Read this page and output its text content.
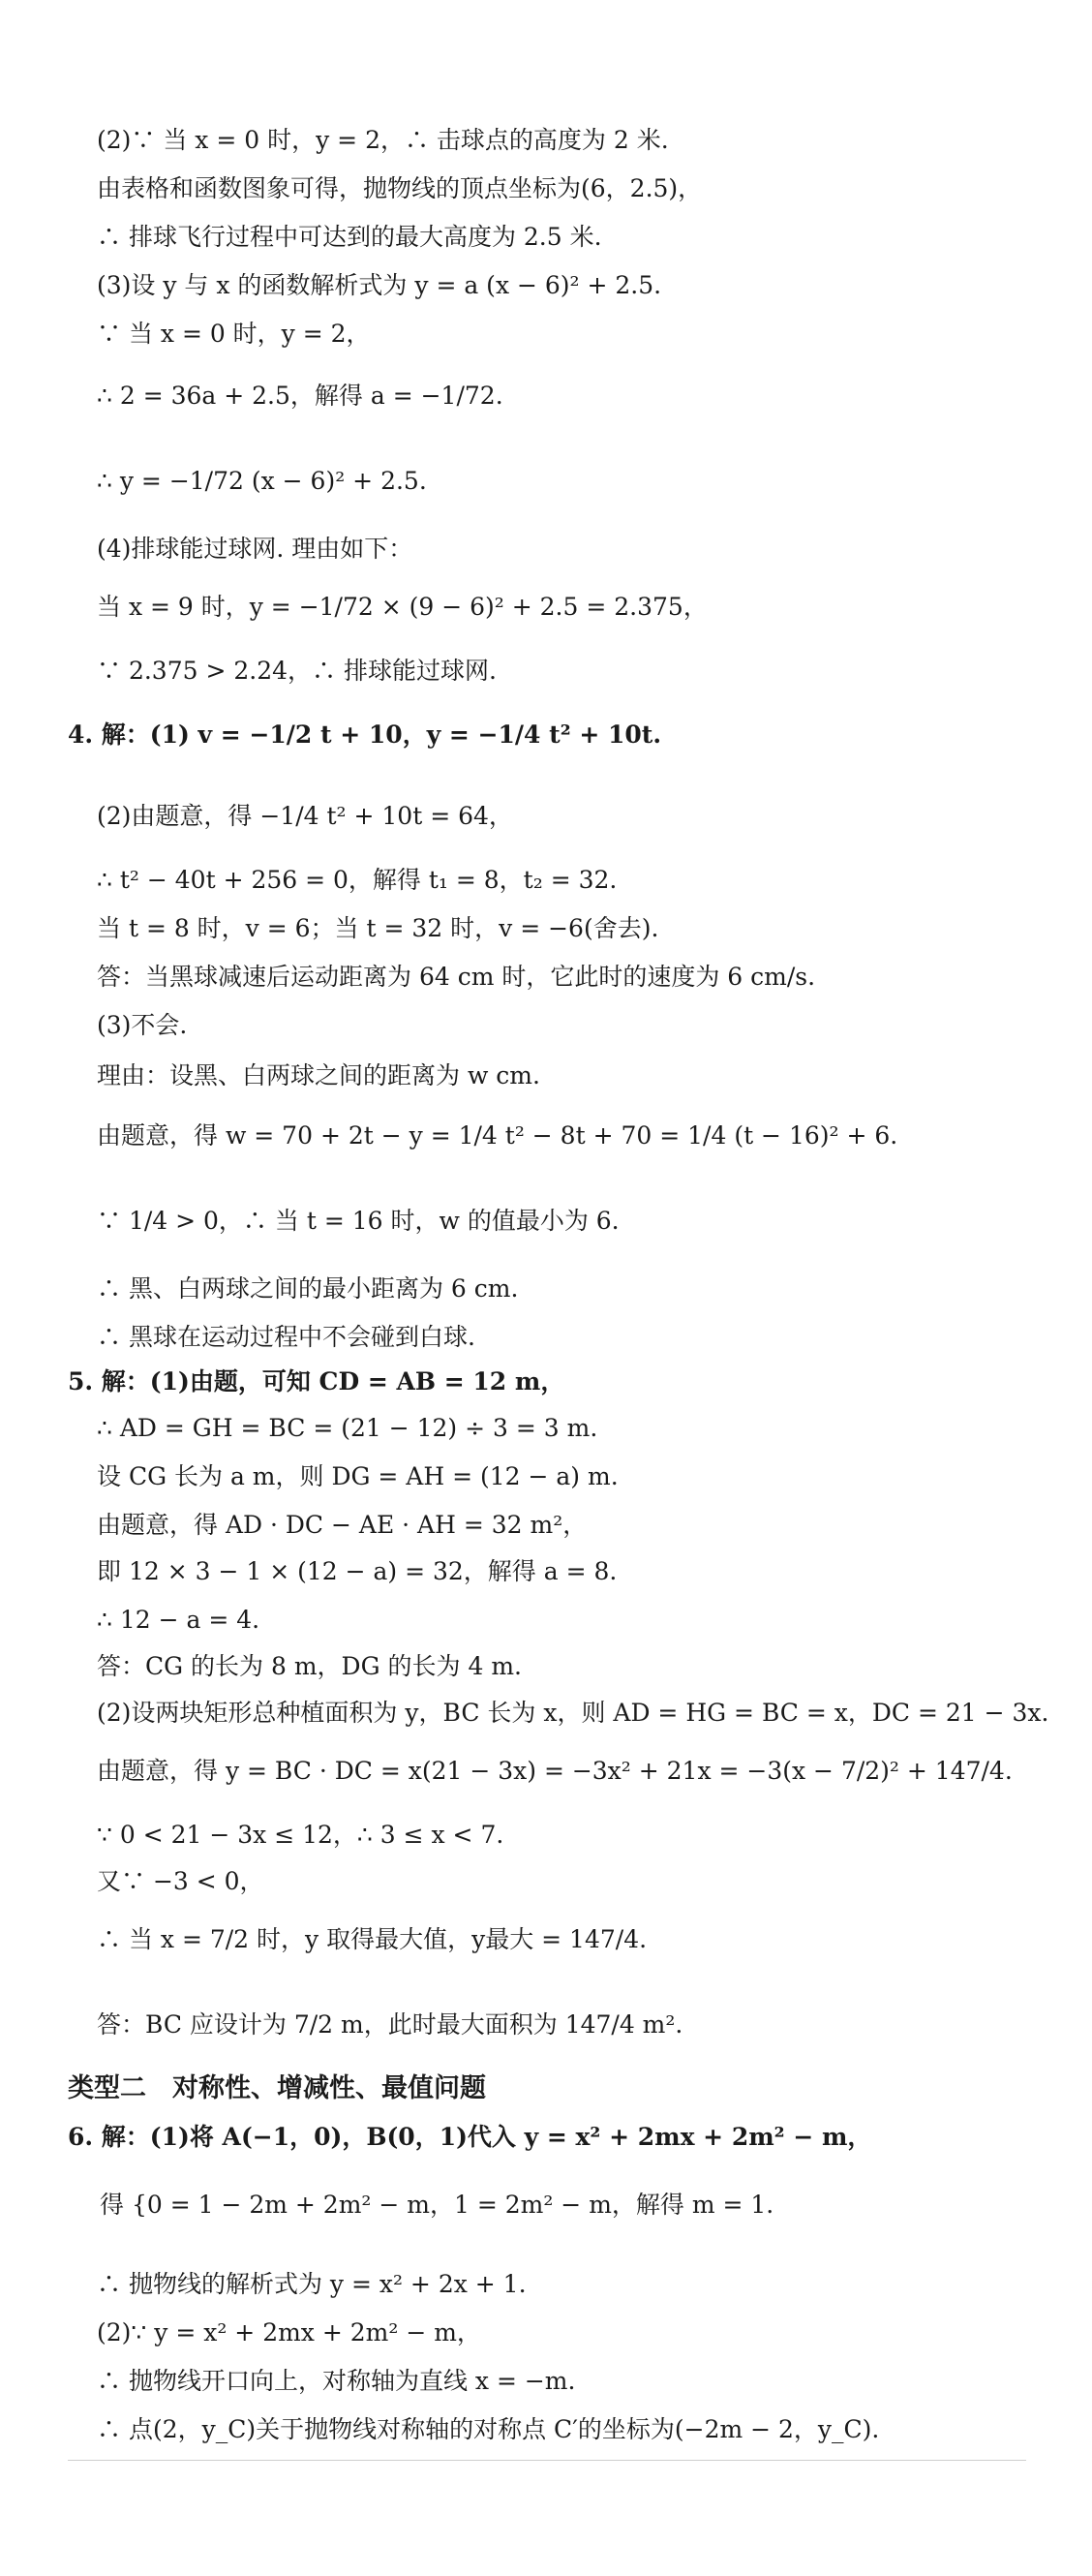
(2)∵ 当 x = 0 时，y = 2，∴ 击球点的高度为 2 米.
由表格和函数图象可得，抛物线的顶点坐标为(6，2.5)，
∴ 排球飞行过程中可达到的最大高度为 2.5 米.
(3)设 y 与 x 的函数解析式为 y = a (x − 6)² + 2.5.
∵ 当 x = 0 时，y = 2，
∴ 2 = 36a + 2.5，解得 a = −1/72.
∴ y = −1/72 (x − 6)² + 2.5.
(4)排球能过球网. 理由如下：
当 x = 9 时，y = −1/72 × (9 − 6)² + 2.5 = 2.375，
∵ 2.375 > 2.24，∴ 排球能过球网.
4. 解：(1) v = −1/2 t + 10，y = −1/4 t² + 10t.
(2)由题意，得 −1/4 t² + 10t = 64，
∴ t² − 40t + 256 = 0，解得 t₁ = 8，t₂ = 32.
当 t = 8 时，v = 6；当 t = 32 时，v = −6(舍去).
答：当黑球减速后运动距离为 64 cm 时，它此时的速度为 6 cm/s.
(3)不会.
理由：设黑、白两球之间的距离为 w cm.
由题意，得 w = 70 + 2t − y = 1/4 t² − 8t + 70 = 1/4 (t − 16)² + 6.
∵ 1/4 > 0，∴ 当 t = 16 时，w 的值最小为 6.
∴ 黑、白两球之间的最小距离为 6 cm.
∴ 黑球在运动过程中不会碰到白球.
5. 解：(1)由题，可知 CD = AB = 12 m，
∴ AD = GH = BC = (21 − 12) ÷ 3 = 3 m.
设 CG 长为 a m，则 DG = AH = (12 − a) m.
由题意，得 AD · DC − AE · AH = 32 m²，
即 12 × 3 − 1 × (12 − a) = 32，解得 a = 8.
∴ 12 − a = 4.
答：CG 的长为 8 m，DG 的长为 4 m.
(2)设两块矩形总种植面积为 y，BC 长为 x，则 AD = HG = BC = x，DC = 21 − 3x.
由题意，得 y = BC · DC = x(21 − 3x) = −3x² + 21x = −3(x − 7/2)² + 147/4.
∵ 0 < 21 − 3x ≤ 12，∴ 3 ≤ x < 7.
又∵ −3 < 0，
∴ 当 x = 7/2 时，y 取得最大值，y最大 = 147/4.
答：BC 应设计为 7/2 m，此时最大面积为 147/4 m².
类型二　对称性、增减性、最值问题
6. 解：(1)将 A(−1，0)，B(0，1)代入 y = x² + 2mx + 2m² − m，
得 {0 = 1 − 2m + 2m² − m，1 = 2m² − m，解得 m = 1.
∴ 抛物线的解析式为 y = x² + 2x + 1.
(2)∵ y = x² + 2mx + 2m² − m，
∴ 抛物线开口向上，对称轴为直线 x = −m.
∴ 点(2，y_C)关于抛物线对称轴的对称点 C′的坐标为(−2m − 2，y_C).
